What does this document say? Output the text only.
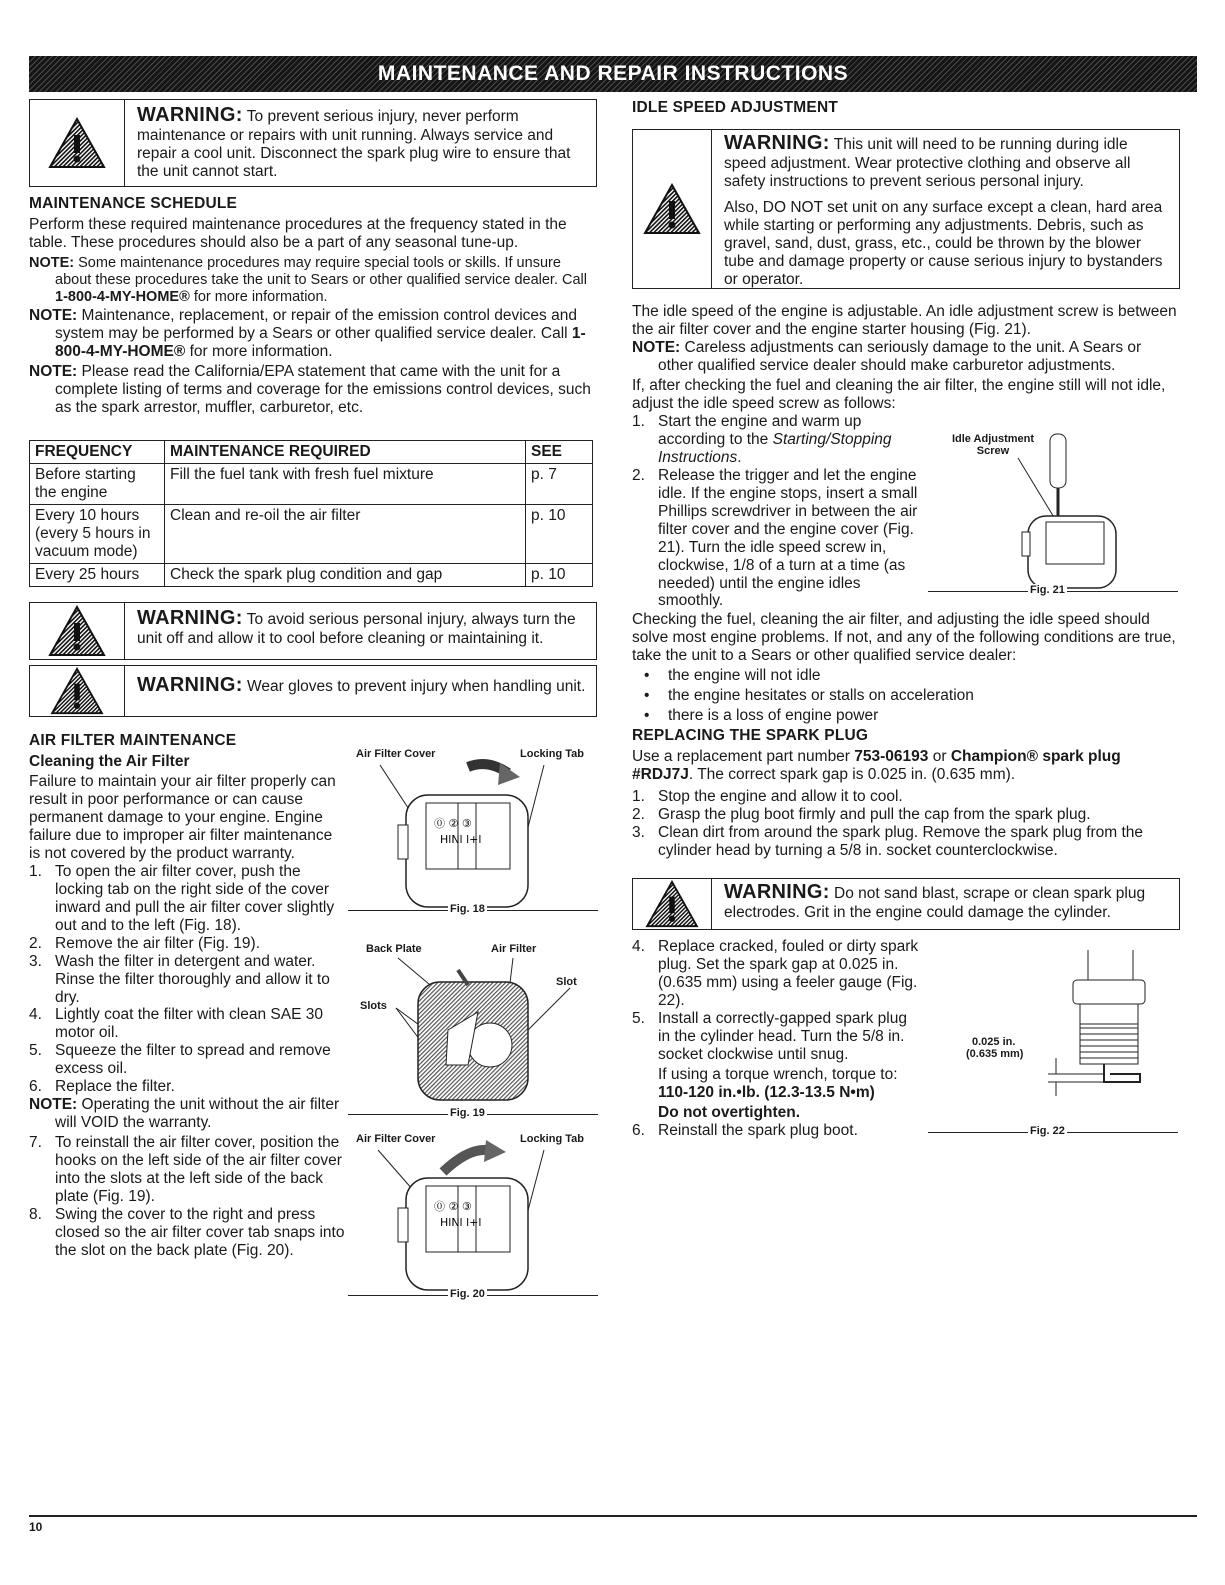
MAINTENANCE AND REPAIR INSTRUCTIONS
WARNING: To prevent serious injury, never perform maintenance or repairs with unit running. Always service and repair a cool unit. Disconnect the spark plug wire to ensure that the unit cannot start.
MAINTENANCE SCHEDULE

Perform these required maintenance procedures at the frequency stated in the table. These procedures should also be a part of any seasonal tune-up.

NOTE: Some maintenance procedures may require special tools or skills. If unsure about these procedures take the unit to Sears or other qualified service dealer. Call 1-800-4-MY-HOME® for more information.

NOTE: Maintenance, replacement, or repair of the emission control devices and system may be performed by a Sears or other qualified service dealer. Call 1-800-4-MY-HOME® for more information.

NOTE: Please read the California/EPA statement that came with the unit for a complete listing of terms and coverage for the emissions control devices, such as the spark arrestor, muffler, carburetor, etc.

FREQUENCY	MAINTENANCE REQUIRED	SEE
Before starting the engine	Fill the fuel tank with fresh fuel mixture	p. 7
Every 10 hours (every 5 hours in vacuum mode)	Clean and re-oil the air filter	p. 10
Every 25 hours	Check the spark plug condition and gap	p. 10
WARNING: To avoid serious personal injury, always turn the unit off and allow it to cool before cleaning or maintaining it.
WARNING: Wear gloves to prevent injury when handling unit.
AIR FILTER MAINTENANCE
Cleaning the Air Filter

Failure to maintain your air filter properly can result in poor performance or can cause permanent damage to your engine. Engine failure due to improper air filter maintenance is not covered by the product warranty.

1. To open the air filter cover, push the locking tab on the right side of the cover inward and pull the air filter cover slightly out and to the left (Fig. 18).
2. Remove the air filter (Fig. 19).
3. Wash the filter in detergent and water. Rinse the filter thoroughly and allow it to dry.
4. Lightly coat the filter with clean SAE 30 motor oil.
5. Squeeze the filter to spread and remove excess oil.
6. Replace the filter.

NOTE: Operating the unit without the air filter will VOID the warranty.

7. To reinstall the air filter cover, position the hooks on the left side of the air filter cover into the slots at the left side of the back plate (Fig. 19).
8. Swing the cover to the right and press closed so the air filter cover tab snaps into the slot on the back plate (Fig. 20).
Air Filter Cover	Locking Tab
⓪ ② ③
HlNl l+l
Fig. 18
Back Plate	Air Filter
Slot
Slots
Fig. 19
Air Filter Cover	Locking Tab
⓪ ② ③
HlNl l+l
Fig. 20
IDLE SPEED ADJUSTMENT

WARNING: This unit will need to be running during idle speed adjustment. Wear protective clothing and observe all safety instructions to prevent serious personal injury.

Also, DO NOT set unit on any surface except a clean, hard area while starting or performing any adjustments. Debris, such as gravel, sand, dust, grass, etc., could be thrown by the blower tube and damage property or cause serious injury to bystanders or operator.

The idle speed of the engine is adjustable. An idle adjustment screw is between the air filter cover and the engine starter housing (Fig. 21).

NOTE: Careless adjustments can seriously damage to the unit. A Sears or other qualified service dealer should make carburetor adjustments.

If, after checking the fuel and cleaning the air filter, the engine still will not idle, adjust the idle speed screw as follows:

1. Start the engine and warm up according to the Starting/Stopping Instructions.
2. Release the trigger and let the engine idle. If the engine stops, insert a small Phillips screwdriver in between the air filter cover and the engine cover (Fig. 21). Turn the idle speed screw in, clockwise, 1/8 of a turn at a time (as needed) until the engine idles smoothly.

Checking the fuel, cleaning the air filter, and adjusting the idle speed should solve most engine problems. If not, and any of the following conditions are true, take the unit to a Sears or other qualified service dealer:

• the engine will not idle
• the engine hesitates or stalls on acceleration
• there is a loss of engine power
REPLACING THE SPARK PLUG

Use a replacement part number 753-06193 or Champion® spark plug #RDJ7J. The correct spark gap is 0.025 in. (0.635 mm).

1. Stop the engine and allow it to cool.
2. Grasp the plug boot firmly and pull the cap from the spark plug.
3. Clean dirt from around the spark plug. Remove the spark plug from the cylinder head by turning a 5/8 in. socket counterclockwise.
WARNING: Do not sand blast, scrape or clean spark plug electrodes. Grit in the engine could damage the cylinder.
4. Replace cracked, fouled or dirty spark plug. Set the spark gap at 0.025 in. (0.635 mm) using a feeler gauge (Fig. 22).
5. Install a correctly-gapped spark plug in the cylinder head. Turn the 5/8 in. socket clockwise until snug.

If using a torque wrench, torque to:

110-120 in.•lb. (12.3-13.5 N•m)

Do not overtighten.

6. Reinstall the spark plug boot.
Idle Adjustment Screw
Fig. 21
0.025 in.
(0.635 mm)
Fig. 22
10
